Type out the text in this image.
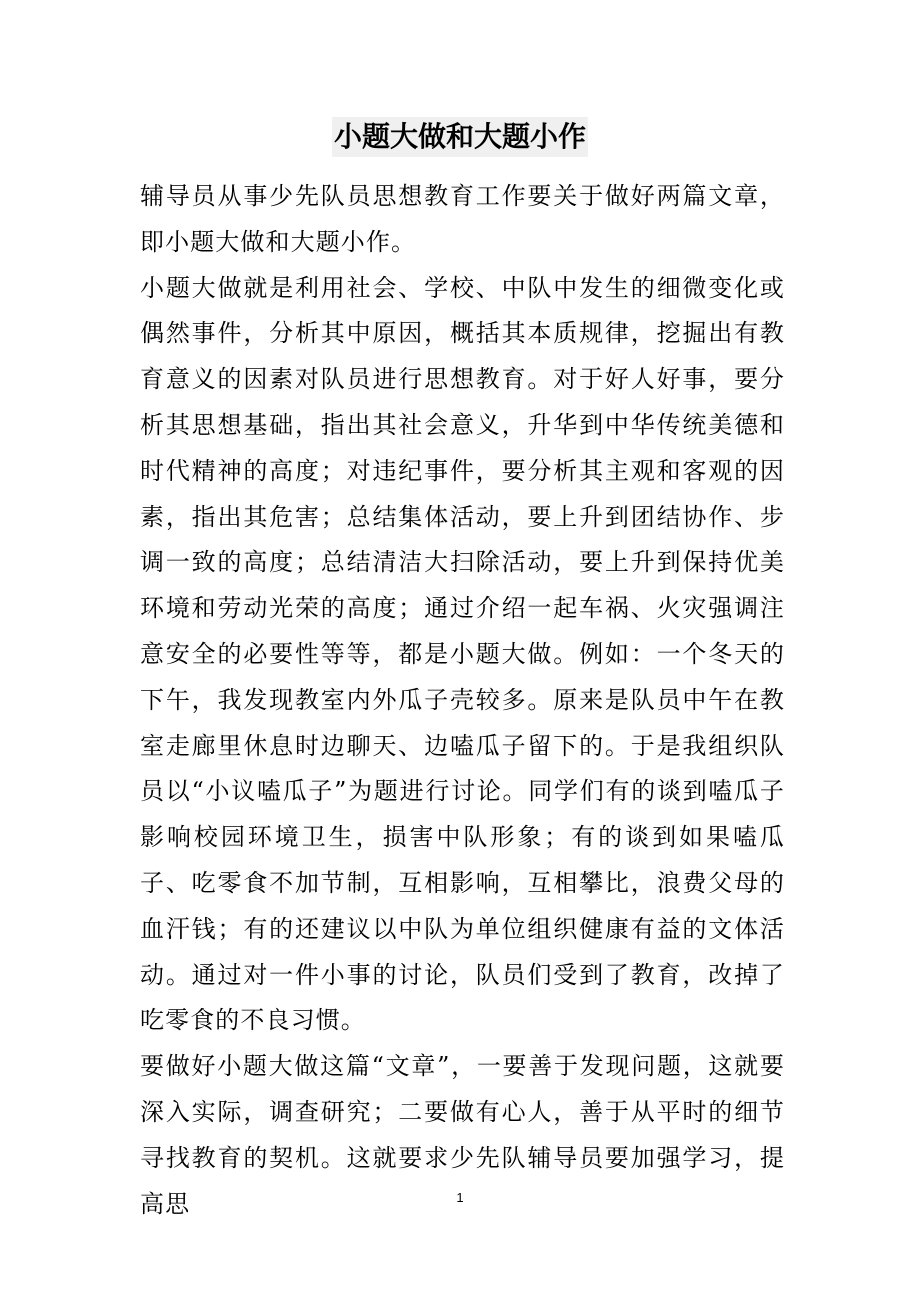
小题大做和大题小作

辅导员从事少先队员思想教育工作要关于做好两篇文章，即小题大做和大题小作。

小题大做就是利用社会、学校、中队中发生的细微变化或偶然事件，分析其中原因，概括其本质规律，挖掘出有教育意义的因素对队员进行思想教育。对于好人好事，要分析其思想基础，指出其社会意义，升华到中华传统美德和时代精神的高度；对违纪事件，要分析其主观和客观的因素，指出其危害；总结集体活动，要上升到团结协作、步调一致的高度；总结清洁大扫除活动，要上升到保持优美环境和劳动光荣的高度；通过介绍一起车祸、火灾强调注意安全的必要性等等，都是小题大做。例如：一个冬天的下午，我发现教室内外瓜子壳较多。原来是队员中午在教室走廊里休息时边聊天、边嗑瓜子留下的。于是我组织队员以“小议嗑瓜子”为题进行讨论。同学们有的谈到嗑瓜子影响校园环境卫生，损害中队形象；有的谈到如果嗑瓜子、吃零食不加节制，互相影响，互相攀比，浪费父母的血汗钱；有的还建议以中队为单位组织健康有益的文体活动。通过对一件小事的讨论，队员们受到了教育，改掉了吃零食的不良习惯。

要做好小题大做这篇“文章”，一要善于发现问题，这就要深入实际，调查研究；二要做有心人，善于从平时的细节寻找教育的契机。这就要求少先队辅导员要加强学习，提高思	1
